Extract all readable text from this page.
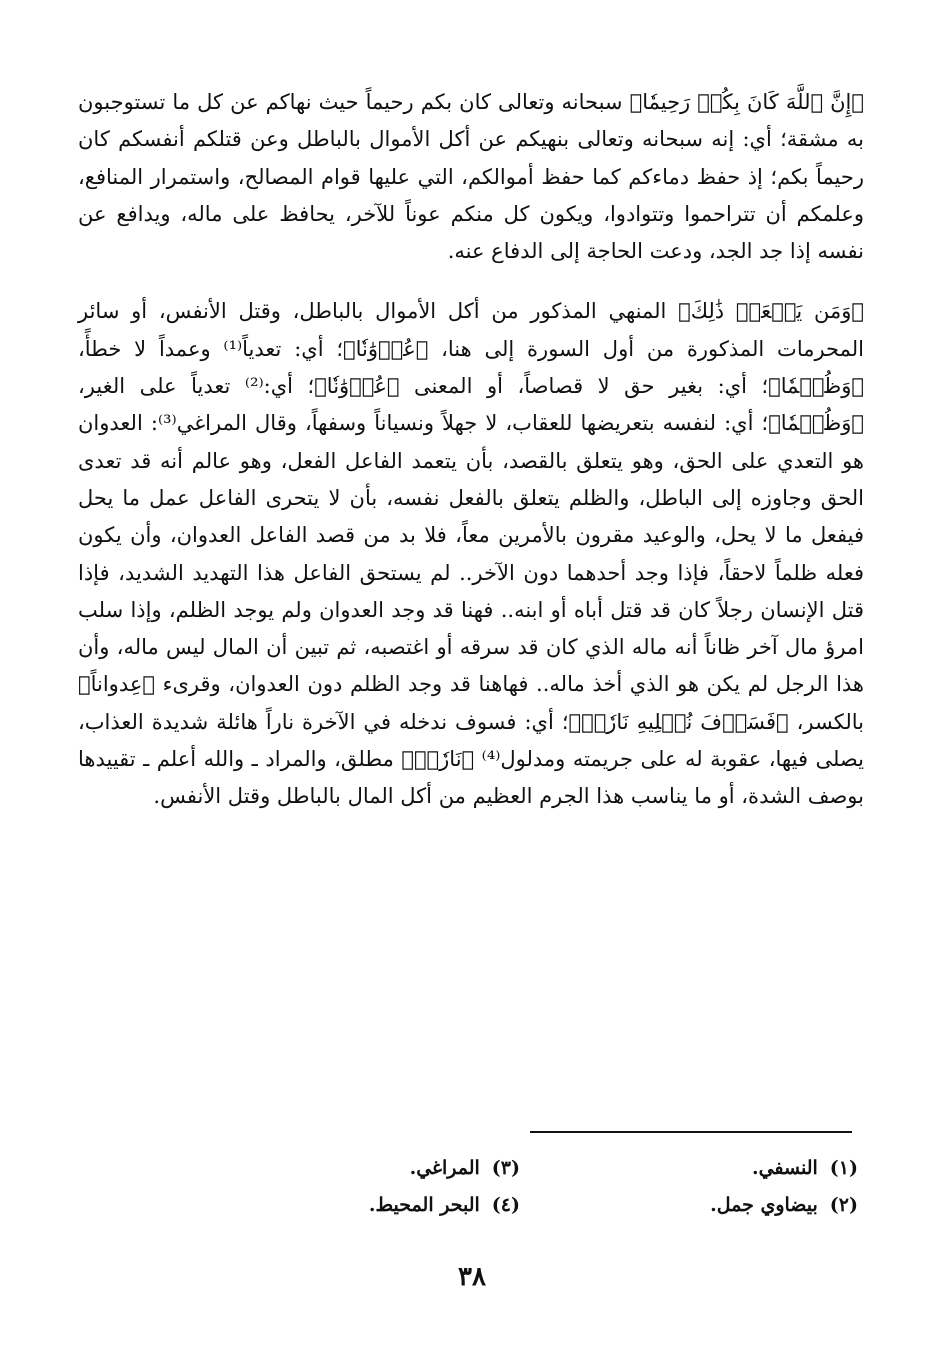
﴿إِنَّ ٱللَّهَ كَانَ بِكُمۡ رَحِيمٗا﴾ سبحانه وتعالى كان بكم رحيماً حيث نهاكم عن كل ما تستوجبون به مشقة؛ أي: إنه سبحانه وتعالى بنهيكم عن أكل الأموال بالباطل وعن قتلكم أنفسكم كان رحيماً بكم؛ إذ حفظ دماءكم كما حفظ أموالكم، التي عليها قوام المصالح، واستمرار المنافع، وعلمكم أن تتراحموا وتتوادوا، ويكون كل منكم عوناً للآخر، يحافظ على ماله، ويدافع عن نفسه إذا جد الجد، ودعت الحاجة إلى الدفاع عنه.

﴿وَمَن يَفۡعَلۡ ذَٰلِكَ﴾ المنهي المذكور من أكل الأموال بالباطل، وقتل الأنفس، أو سائر المحرمات المذكورة من أول السورة إلى هنا، ﴿عُدۡوَٰنٗا﴾؛ أي: تعدياً⁽¹⁾ وعمداً لا خطأً، ﴿وَظُلۡمٗا﴾؛ أي: بغير حق لا قصاصاً، أو المعنى ﴿عُدۡوَٰنٗا﴾؛ أي:⁽²⁾ تعدياً على الغير، ﴿وَظُلۡمٗا﴾؛ أي: لنفسه بتعريضها للعقاب، لا جهلاً ونسياناً وسفهاً، وقال المراغي⁽³⁾: العدوان هو التعدي على الحق، وهو يتعلق بالقصد، بأن يتعمد الفاعل الفعل، وهو عالم أنه قد تعدى الحق وجاوزه إلى الباطل، والظلم يتعلق بالفعل نفسه، بأن لا يتحرى الفاعل عمل ما يحل فيفعل ما لا يحل، والوعيد مقرون بالأمرين معاً، فلا بد من قصد الفاعل العدوان، وأن يكون فعله ظلماً لاحقاً، فإذا وجد أحدهما دون الآخر.. لم يستحق الفاعل هذا التهديد الشديد، فإذا قتل الإنسان رجلاً كان قد قتل أباه أو ابنه.. فهنا قد وجد العدوان ولم يوجد الظلم، وإذا سلب امرؤ مال آخر ظاناً أنه ماله الذي كان قد سرقه أو اغتصبه، ثم تبين أن المال ليس ماله، وأن هذا الرجل لم يكن هو الذي أخذ ماله.. فهاهنا قد وجد الظلم دون العدوان، وقرىء ﴿عِدواناً﴾ بالكسر، ﴿فَسَوۡفَ نُصۡلِيهِ نَارٗاۚ﴾؛ أي: فسوف ندخله في الآخرة ناراً هائلة شديدة العذاب، يصلى فيها، عقوبة له على جريمته ومدلول⁽⁴⁾ ﴿نَارٗاۚ﴾ مطلق، والمراد ـ والله أعلم ـ تقييدها بوصف الشدة، أو ما يناسب هذا الجرم العظيم من أكل المال بالباطل وقتل الأنفس.

(١)النسفي.
(٣)المراغي.
(٢)بيضاوي جمل.
(٤)البحر المحيط.
٣٨
